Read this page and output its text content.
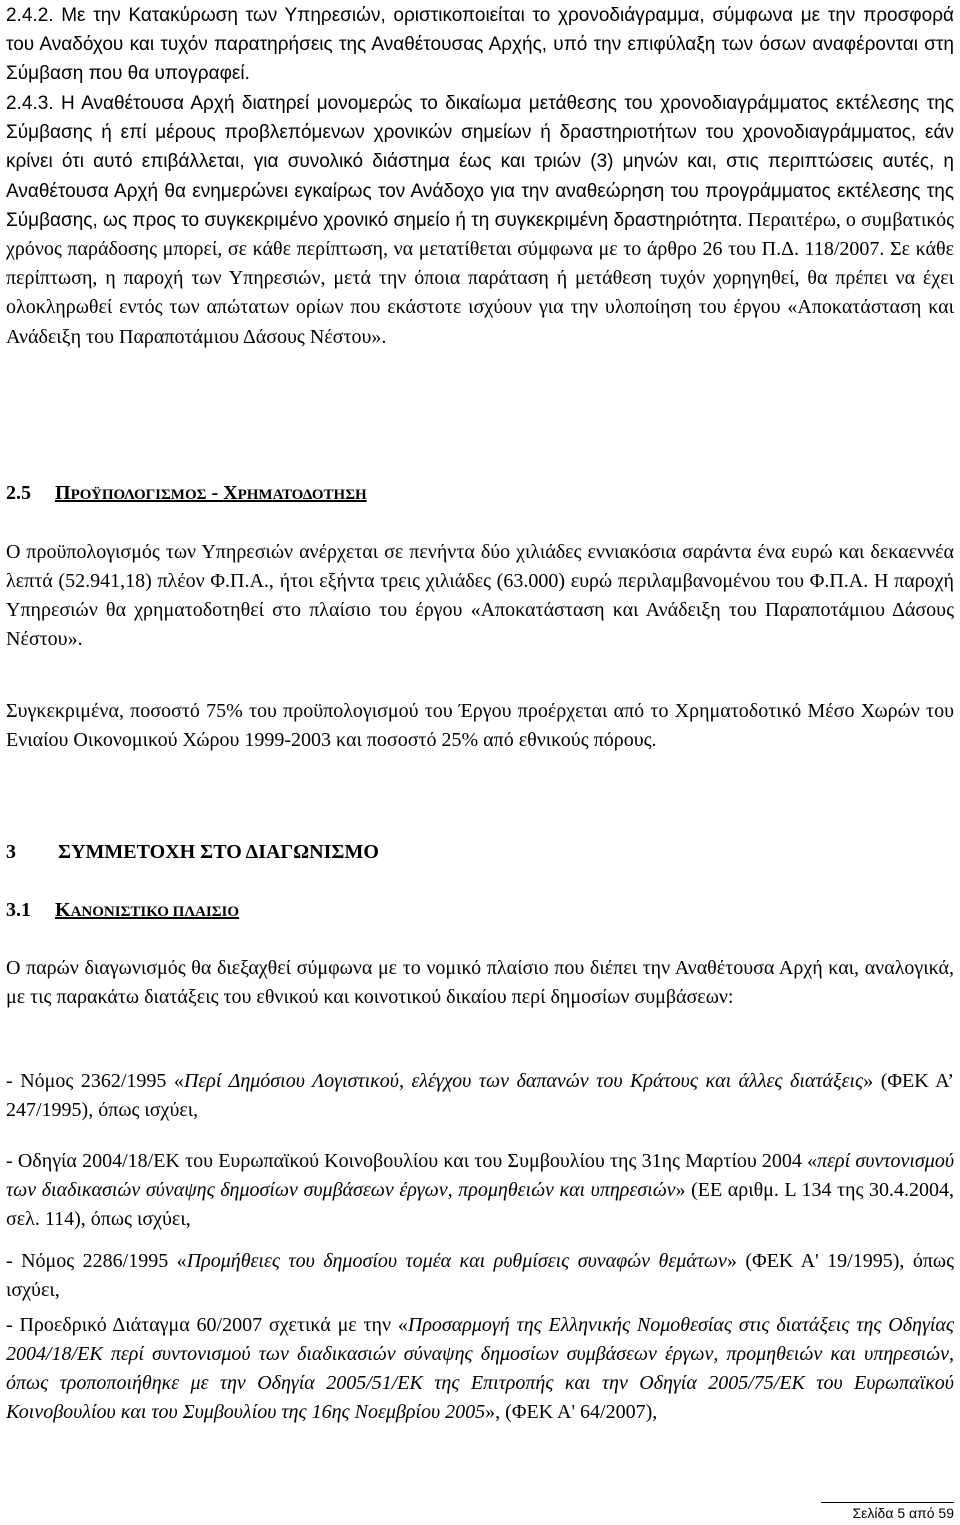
2.4.2. Με την Κατακύρωση των Υπηρεσιών, οριστικοποιείται το χρονοδιάγραμμα, σύμφωνα με την προσφορά του Αναδόχου και τυχόν παρατηρήσεις της Αναθέτουσας Αρχής, υπό την επιφύλαξη των όσων αναφέρονται στη Σύμβαση που θα υπογραφεί.

2.4.3. Η Αναθέτουσα Αρχή διατηρεί μονομερώς το δικαίωμα μετάθεσης του χρονοδιαγράμματος εκτέλεσης της Σύμβασης ή επί μέρους προβλεπόμενων χρονικών σημείων ή δραστηριοτήτων του χρονοδιαγράμματος, εάν κρίνει ότι αυτό επιβάλλεται, για συνολικό διάστημα έως και τριών (3) μηνών και, στις περιπτώσεις αυτές, η Αναθέτουσα Αρχή θα ενημερώνει εγκαίρως τον Ανάδοχο για την αναθεώρηση του προγράμματος εκτέλεσης της Σύμβασης, ως προς το συγκεκριμένο χρονικό σημείο ή τη συγκεκριμένη δραστηριότητα. Περαιτέρω, ο συμβατικός χρόνος παράδοσης μπορεί, σε κάθε περίπτωση, να μετατίθεται σύμφωνα με το άρθρο 26 του Π.Δ. 118/2007. Σε κάθε περίπτωση, η παροχή των Υπηρεσιών, μετά την όποια παράταση ή μετάθεση τυχόν χορηγηθεί, θα πρέπει να έχει ολοκληρωθεί εντός των απώτατων ορίων που εκάστοτε ισχύουν για την υλοποίηση του έργου «Αποκατάσταση και Ανάδειξη του Παραποτάμιου Δάσους Νέστου».

2.5 ΠΡΟΫΠΟΛΟΓΙΣΜΟΣ - ΧΡΗΜΑΤΟΔΟΤΗΣΗ

Ο προϋπολογισμός των Υπηρεσιών ανέρχεται σε πενήντα δύο χιλιάδες εννιακόσια σαράντα ένα ευρώ και δεκαεννέα λεπτά (52.941,18) πλέον Φ.Π.Α., ήτοι εξήντα τρεις χιλιάδες (63.000) ευρώ περιλαμβανομένου του Φ.Π.Α. Η παροχή Υπηρεσιών θα χρηματοδοτηθεί στο πλαίσιο του έργου «Αποκατάσταση και Ανάδειξη του Παραποτάμιου Δάσους Νέστου».

Συγκεκριμένα, ποσοστό 75% του προϋπολογισμού του Έργου προέρχεται από το Χρηματοδοτικό Μέσο Χωρών του Ενιαίου Οικονομικού Χώρου 1999-2003 και ποσοστό 25% από εθνικούς πόρους.

3 ΣΥΜΜΕΤΟΧΗ ΣΤΟ ΔΙΑΓΩΝΙΣΜΟ
3.1 ΚΑΝΟΝΙΣΤΙΚΟ ΠΛΑΙΣΙΟ

Ο παρών διαγωνισμός θα διεξαχθεί σύμφωνα με το νομικό πλαίσιο που διέπει την Αναθέτουσα Αρχή και, αναλογικά, με τις παρακάτω διατάξεις του εθνικού και κοινοτικού δικαίου περί δημοσίων συμβάσεων:

- Νόμος 2362/1995 «Περί Δημόσιου Λογιστικού, ελέγχου των δαπανών του Κράτους και άλλες διατάξεις» (ΦΕΚ Α’ 247/1995), όπως ισχύει,

- Οδηγία 2004/18/ΕΚ του Ευρωπαϊκού Κοινοβουλίου και του Συμβουλίου της 31ης Μαρτίου 2004 «περί συντονισμού των διαδικασιών σύναψης δημοσίων συμβάσεων έργων, προμηθειών και υπηρεσιών» (ΕΕ αριθμ. L 134 της 30.4.2004, σελ. 114), όπως ισχύει,

- Νόμος 2286/1995 «Προμήθειες του δημοσίου τομέα και ρυθμίσεις συναφών θεμάτων» (ΦΕΚ Α' 19/1995), όπως ισχύει,

- Προεδρικό Διάταγμα 60/2007 σχετικά με την «Προσαρμογή της Ελληνικής Νομοθεσίας στις διατάξεις της Οδηγίας 2004/18/ΕΚ περί συντονισμού των διαδικασιών σύναψης δημοσίων συμβάσεων έργων, προμηθειών και υπηρεσιών, όπως τροποποιήθηκε με την Οδηγία 2005/51/ΕΚ της Επιτροπής και την Οδηγία 2005/75/ΕΚ του Ευρωπαϊκού Κοινοβουλίου και του Συμβουλίου της 16ης Νοεμβρίου 2005», (ΦΕΚ Α' 64/2007),

Σελίδα 5 από 59
